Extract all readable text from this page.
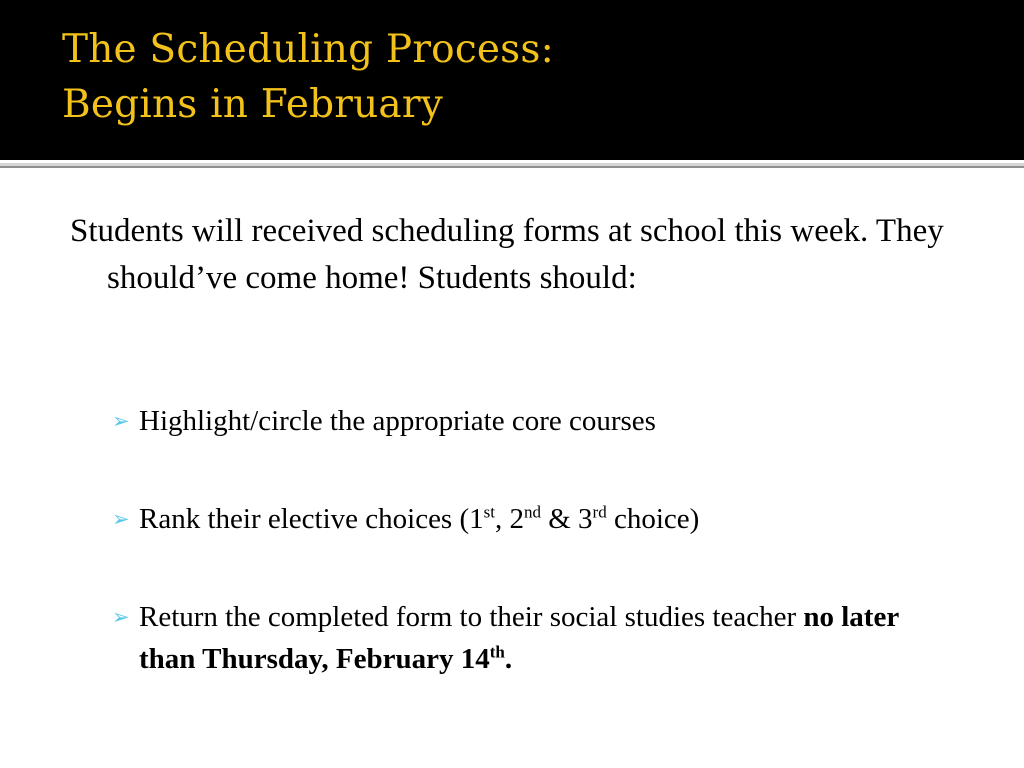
The Scheduling Process:
Begins in February

Students will received scheduling forms at school this week. They should’ve come home! Students should:

➢ Highlight/circle the appropriate core courses
➢ Rank their elective choices (1st, 2nd & 3rd choice)
➢ Return the completed form to their social studies teacher no later than Thursday, February 14th.
